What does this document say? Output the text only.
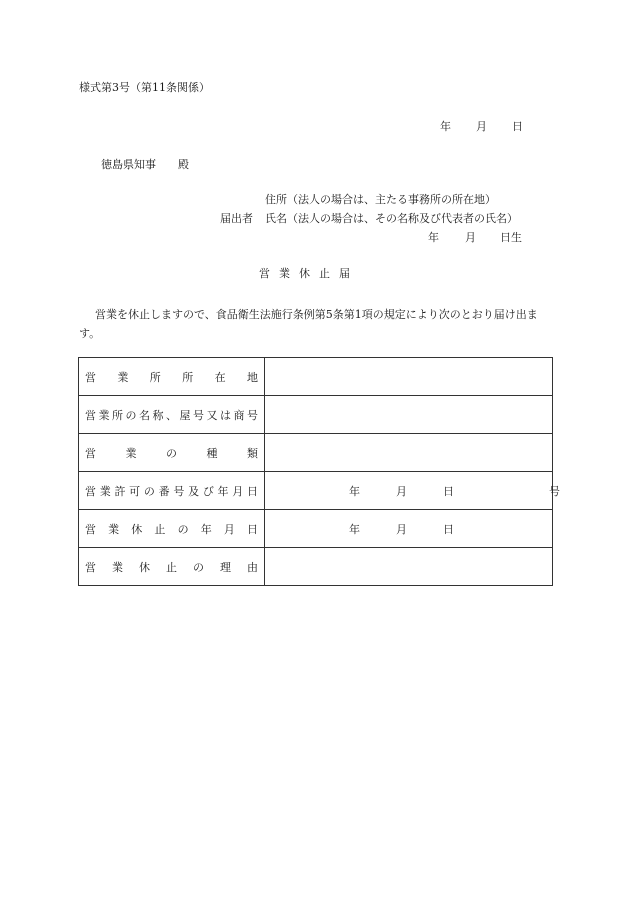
様式第3号（第11条関係）
年 月 日
徳島県知事 殿
住所（法人の場合は、主たる事務所の所在地）
届出者 氏名（法人の場合は、その名称及び代表者の氏名）
年 月 日生
営業休止届
営業を休止しますので、食品衛生法施行条例第5条第1項の規定により次のとおり届け出ます。
営業所所在地	
営業所の名称、屋号又は商号	
営業の種類	
営業許可の番号及び年月日	年 月 日 号

営業休止の年月日	年 月 日

営業休止の理由	
